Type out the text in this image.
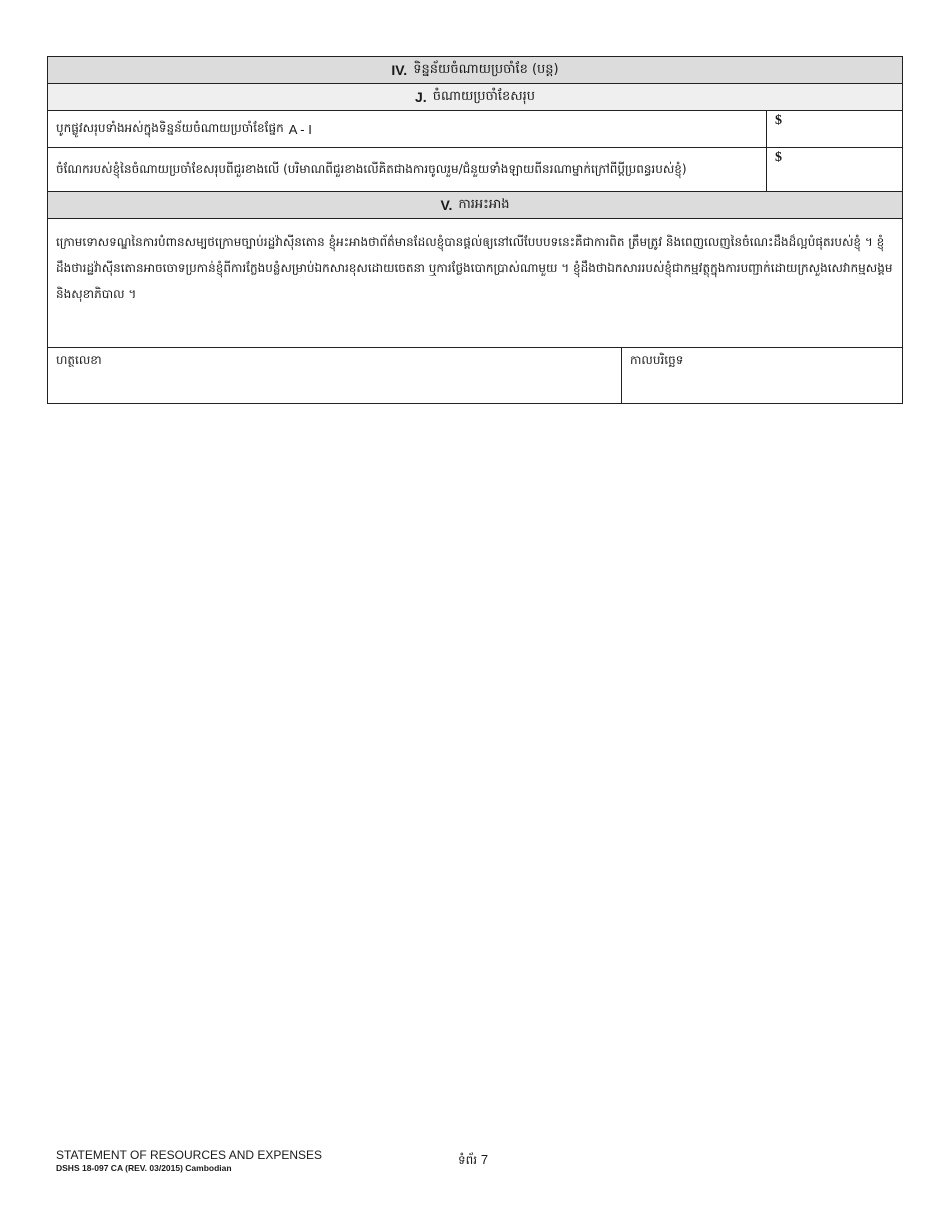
IV. ទិន្នន័យចំណាយប្រចាំខែ (បន្ត)
J. ចំណាយប្រចាំខែសរុប
បូកផ្លូវសរុបទាំងអស់ក្នុងទិន្នន័យចំណាយប្រចាំខែផ្នែក A - I
$
ចំណែករបស់ខ្ញុំនៃចំណាយប្រចាំខែសរុបពីជួរខាងលើ (បរិមាណពីជួរខាងលើគិតជាងការចូលរួម/ជំនួយទាំងឡាយពីនរណាម្នាក់ក្រៅពីប្ដីប្រពន្ធរបស់ខ្ញុំ)
$
V. ការអះអាង
ក្រោមទោសទណ្ឌនៃការបំពានសម្បថក្រោមច្បាប់រដ្ឋវ៉ាស៊ីនតោន ខ្ញុំអះអាងថាព័ត៌មានដែលខ្ញុំបានផ្ដល់ឲ្យនៅលើបែបបទនេះគឺជាការពិត ត្រឹមត្រូវ និងពេញលេញនៃចំណេះដឹងដ៏ល្អបំផុតរបស់ខ្ញុំ ។ ខ្ញុំដឹងថារដ្ឋវ៉ាស៊ីនតោនអាចចោទប្រកាន់ខ្ញុំពីការក្លែងបន្លំសម្រាប់ឯកសារខុសដោយចេតនា ឬការថ្លែងបោកប្រាស់ណាមួយ ។ ខ្ញុំដឹងថាឯកសាររបស់ខ្ញុំជាកម្មវត្ថុក្នុងការបញ្ជាក់ដោយក្រសួងសេវាកម្មសង្គម និងសុខាភិបាល ។
ហត្ថលេខា	កាលបរិច្ឆេទ
STATEMENT OF RESOURCES AND EXPENSES
DSHS 18-097 CA (REV. 03/2015) Cambodian
ទំព័រ 7
